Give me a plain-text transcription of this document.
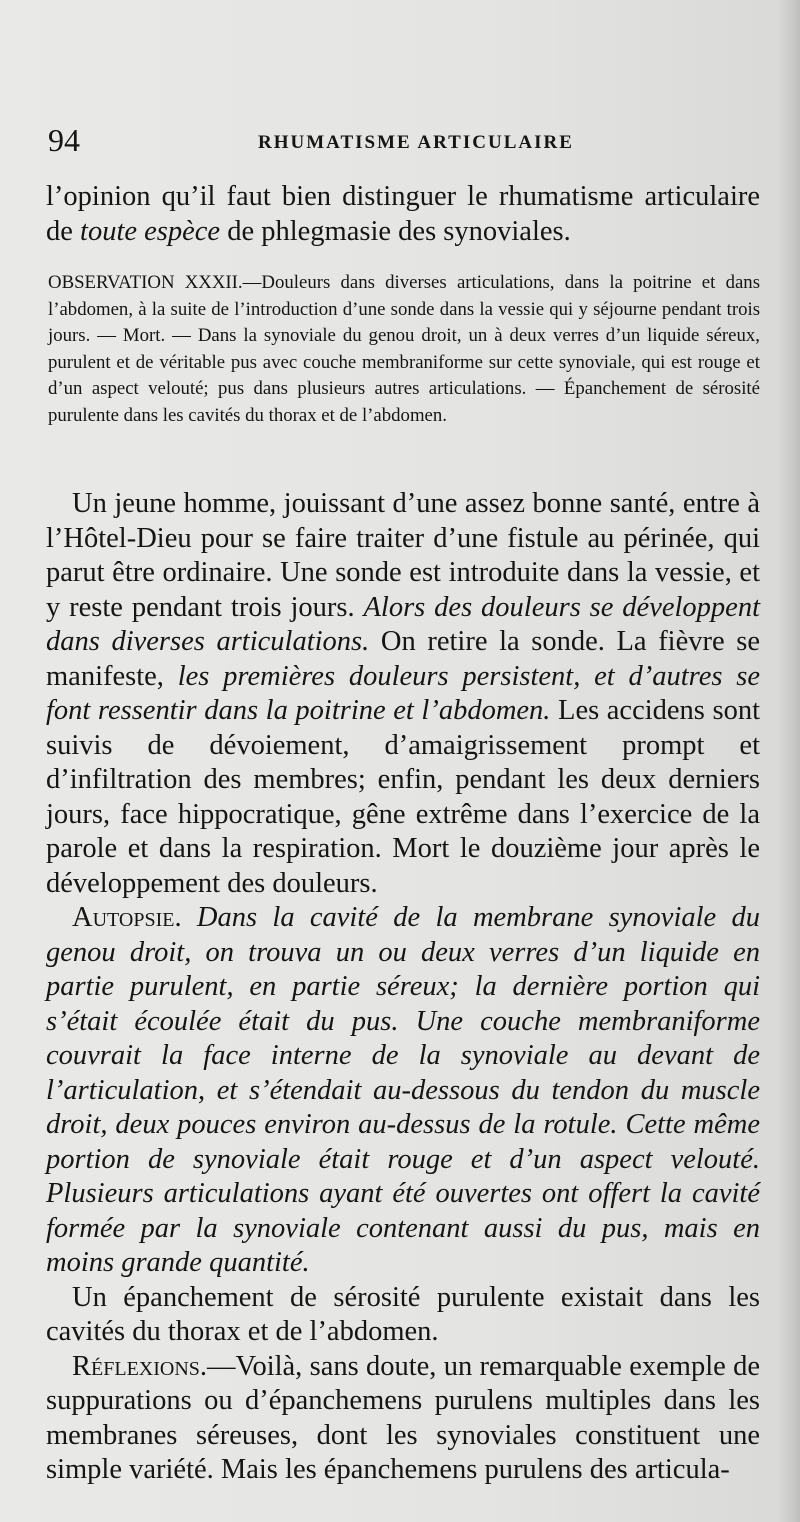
94	RHUMATISME ARTICULAIRE

l’opinion qu’il faut bien distinguer le rhumatisme articulaire de toute espèce de phlegmasie des synoviales.

OBSERVATION XXXII.—Douleurs dans diverses articulations, dans la poitrine et dans l’abdomen, à la suite de l’introduction d’une sonde dans la vessie qui y séjourne pendant trois jours. — Mort. — Dans la synoviale du genou droit, un à deux verres d’un liquide séreux, purulent et de véritable pus avec couche membraniforme sur cette synoviale, qui est rouge et d’un aspect velouté; pus dans plusieurs autres articulations. — Épanchement de sérosité purulente dans les cavités du thorax et de l’abdomen.

Un jeune homme, jouissant d’une assez bonne santé, entre à l’Hôtel-Dieu pour se faire traiter d’une fistule au périnée, qui parut être ordinaire. Une sonde est introduite dans la vessie, et y reste pendant trois jours. Alors des douleurs se développent dans diverses articulations. On retire la sonde. La fièvre se manifeste, les premières douleurs persistent, et d’autres se font ressentir dans la poitrine et l’abdomen. Les accidens sont suivis de dévoiement, d’amaigrissement prompt et d’infiltration des membres; enfin, pendant les deux derniers jours, face hippocratique, gêne extrême dans l’exercice de la parole et dans la respiration. Mort le douzième jour après le développement des douleurs.

Autopsie. Dans la cavité de la membrane synoviale du genou droit, on trouva un ou deux verres d’un liquide en partie purulent, en partie séreux; la dernière portion qui s’était écoulée était du pus. Une couche membraniforme couvrait la face interne de la synoviale au devant de l’articulation, et s’étendait au-dessous du tendon du muscle droit, deux pouces environ au-dessus de la rotule. Cette même portion de synoviale était rouge et d’un aspect velouté. Plusieurs articulations ayant été ouvertes ont offert la cavité formée par la synoviale contenant aussi du pus, mais en moins grande quantité.

Un épanchement de sérosité purulente existait dans les cavités du thorax et de l’abdomen.

Réflexions.—Voilà, sans doute, un remarquable exemple de suppurations ou d’épanchemens purulens multiples dans les membranes séreuses, dont les synoviales constituent une simple variété. Mais les épanchemens purulens des articula-
